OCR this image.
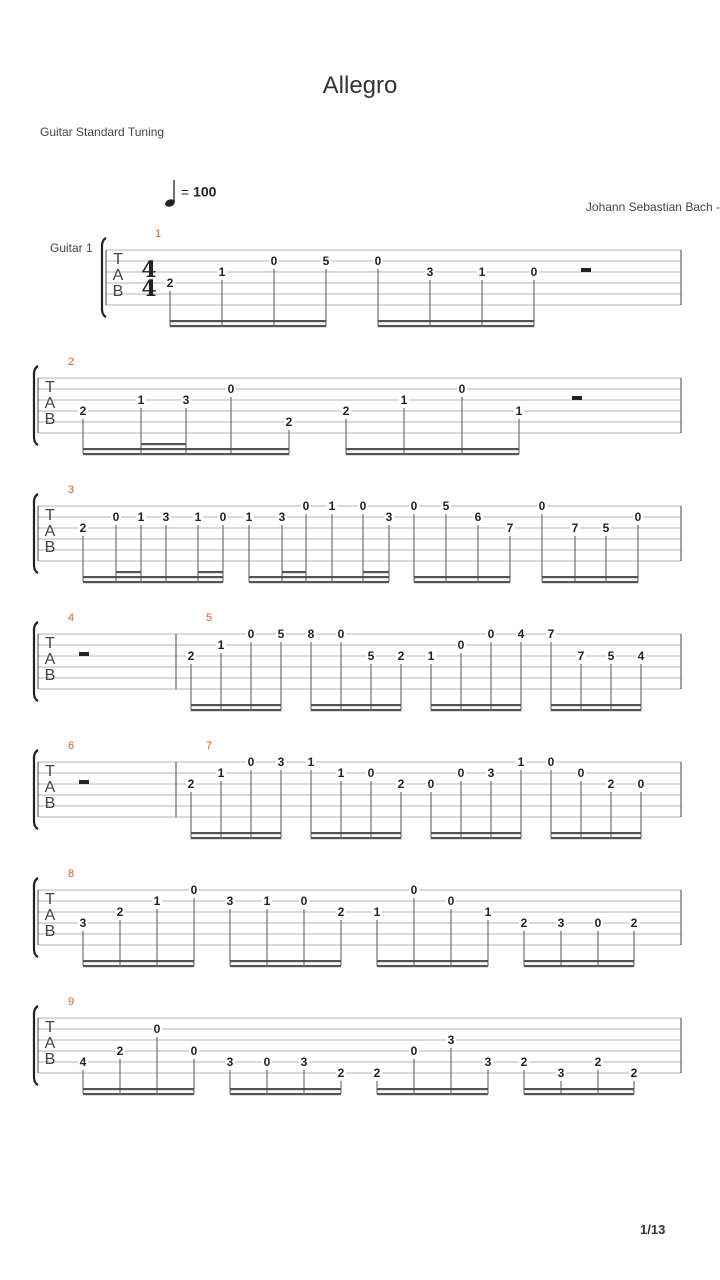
Allegro
Guitar Standard Tuning
= 100
Johann Sebastian Bach -
Guitar 1
T
A
B
4
4
1
2
1
0	5	0
3	1	0
T
A
B
2
2
1	3
0
2
2
1
0
1
T
A
B
3
2
0 1 3 1 0 1 3
0 1 0
3
0 5
6
7
0
7 5
0
T
A
B
4	5
2
1
0 5 8 0
5 2 1
0
0 4 7
7 5 4
T
A
B
6	7
2
1
0 3 1
1 0
2 0
0 3
1 0
0
2 0
T
A
B
8
3
2
1
0
3	1	0
2 1
0
0
1
2	3	0 2
T
A
B
9
4
2
0
0
3	0	3
2 2
0
3
3 2
3
2
2
1/13
